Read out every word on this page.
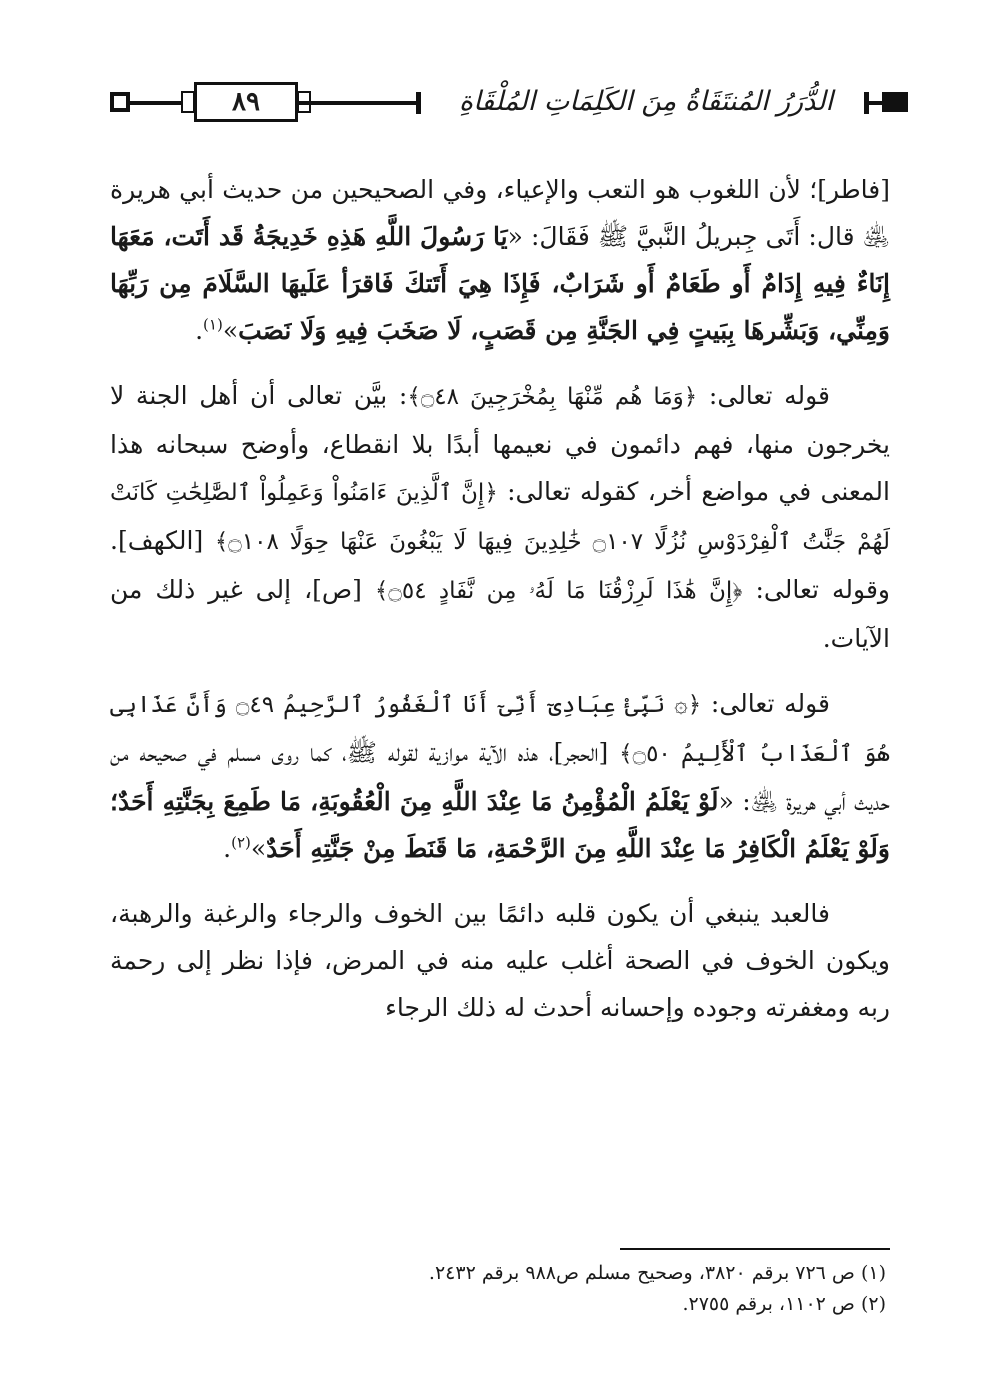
٨٩	الدُّرَرُ المُنتَقَاةُ مِنَ الكَلِمَاتِ المُلْقَاةِ

[فاطر]؛ لأن اللغوب هو التعب والإعياء، وفي الصحيحين من حديث أبي هريرة ﵁ قال: أَتَى جِبريلُ النَّبيَّ ﷺ فَقَالَ: «يَا رَسُولَ اللَّهِ هَذِهِ خَدِيجَةُ قَد أَتَت، مَعَهَا إِنَاءٌ فِيهِ إِدَامٌ أَو طَعَامٌ أَو شَرَابٌ، فَإِذَا هِيَ أَتَتكَ فَاقرَأ عَلَيهَا السَّلَامَ مِن رَبِّهَا وَمِنِّي، وَبَشِّرهَا بِبَيتٍ فِي الجَنَّةِ مِن قَصَبٍ، لَا صَخَبَ فِيهِ وَلَا نَصَبَ»$^{(١)}$.

قوله تعالى: ﴿وَمَا هُم مِّنْهَا بِمُخْرَجِينَ ۝٤٨﴾: بيَّن تعالى أن أهل الجنة لا يخرجون منها، فهم دائمون في نعيمها أبدًا بلا انقطاع، وأوضح سبحانه هذا المعنى في مواضع أخر، كقوله تعالى: ﴿إِنَّ ٱلَّذِينَ ءَامَنُواْ وَعَمِلُواْ ٱلصَّٰلِحَٰتِ كَانَتْ لَهُمْ جَنَّٰتُ ٱلْفِرْدَوْسِ نُزُلًا ۝١٠٧ خَٰلِدِينَ فِيهَا لَا يَبْغُونَ عَنْهَا حِوَلًا ۝١٠٨﴾ [الكهف]. وقوله تعالى: ﴿إِنَّ هَٰذَا لَرِزْقُنَا مَا لَهُۥ مِن نَّفَادٍ ۝٥٤﴾ [ص]، إلى غير ذلك من الآيات.

قوله تعالى: ﴿۞ نَبِّئْ عِبَادِىٓ أَنِّىٓ أَنَا ٱلْغَفُورُ ٱلرَّحِيمُ ۝٤٩ وَأَنَّ عَذَابِى هُوَ ٱلْعَذَابُ ٱلْأَلِيمُ ۝٥٠﴾ [الحجر]، هذه الآية موازية لقوله ﷺ، كما روى مسلم في صحيحه من حديث أبي هريرة ﵁: «لَوْ يَعْلَمُ الْمُؤْمِنُ مَا عِنْدَ اللَّهِ مِنَ الْعُقُوبَةِ، مَا طَمِعَ بِجَنَّتِهِ أَحَدٌ؛ وَلَوْ يَعْلَمُ الْكَافِرُ مَا عِنْدَ اللَّهِ مِنَ الرَّحْمَةِ، مَا قَنَطَ مِنْ جَنَّتِهِ أَحَدٌ»$^{(٢)}$.

فالعبد ينبغي أن يكون قلبه دائمًا بين الخوف والرجاء والرغبة والرهبة، ويكون الخوف في الصحة أغلب عليه منه في المرض، فإذا نظر إلى رحمة ربه ومغفرته وجوده وإحسانه أحدث له ذلك الرجاء

(١) ص ٧٢٦ برقم ٣٨٢٠، وصحيح مسلم ص٩٨٨ برقم ٢٤٣٢.
(٢) ص ١١٠٢، برقم ٢٧٥٥.
